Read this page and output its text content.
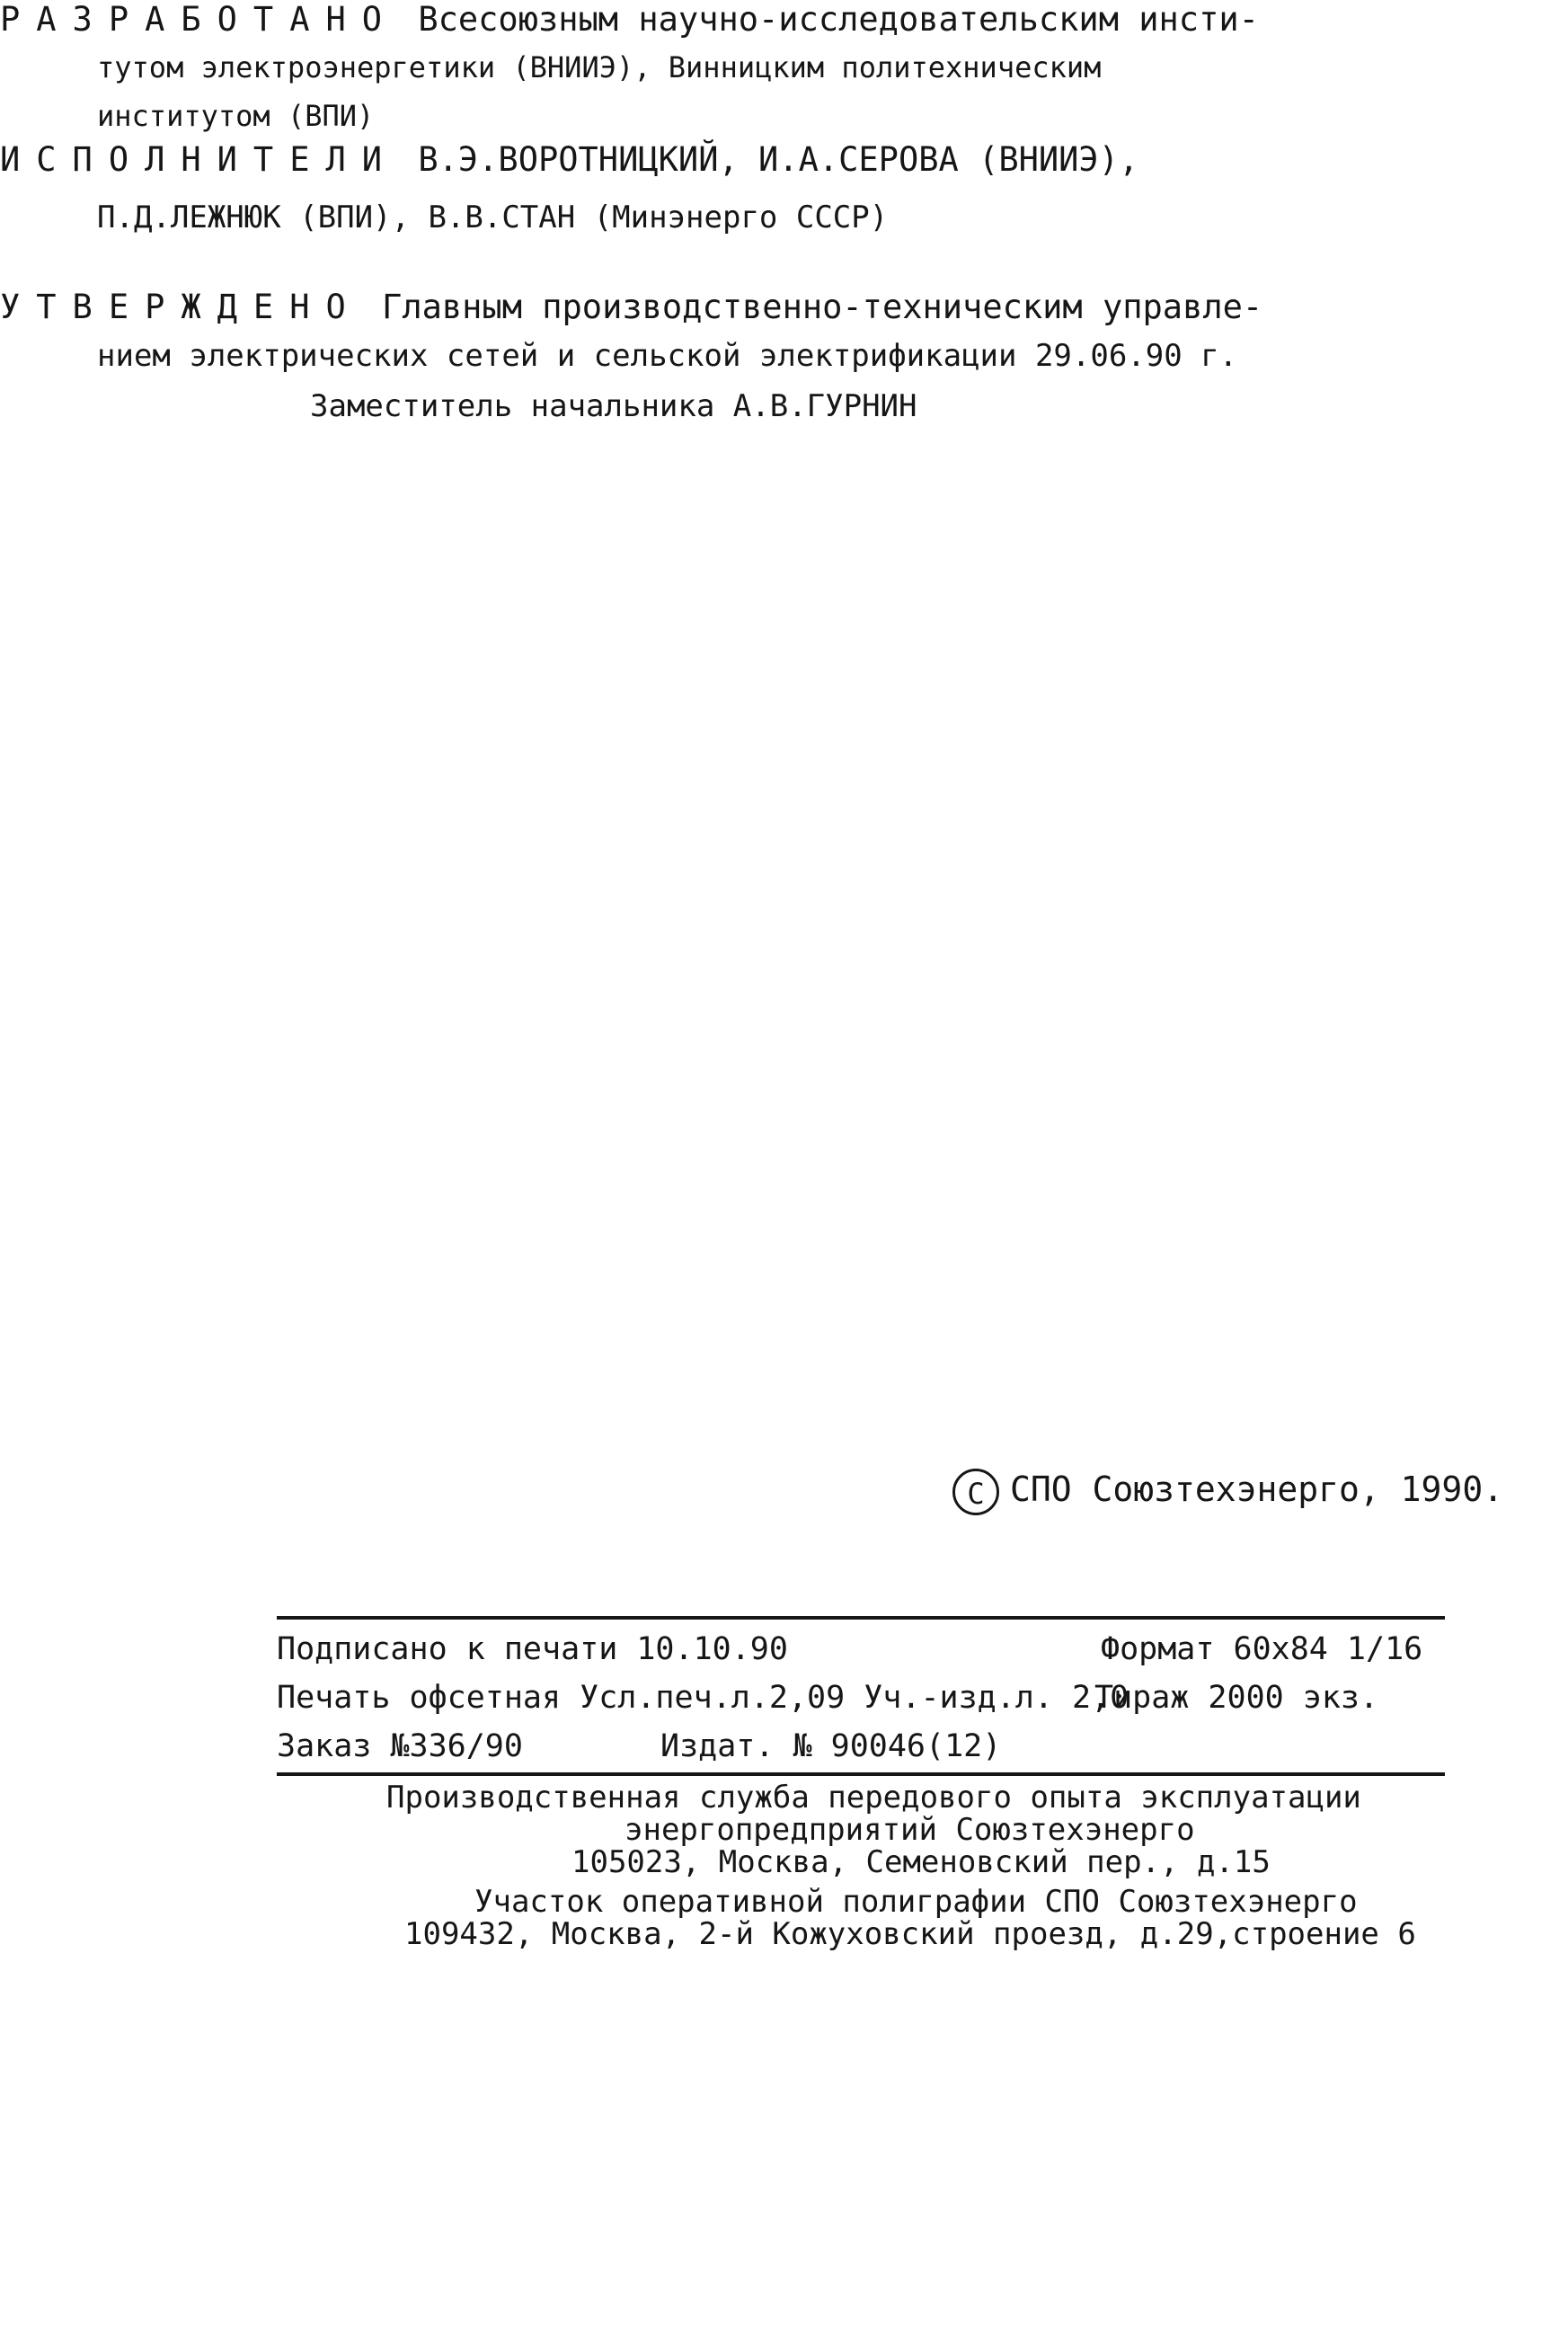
РАЗРАБОТАНО Всесоюзным научно-исследовательским инсти-
тутом электроэнергетики (ВНИИЭ), Винницким политехническим
институтом (ВПИ)
ИСПОЛНИТЕЛИ В.Э.ВОРОТНИЦКИЙ, И.А.СЕРОВА (ВНИИЭ),
П.Д.ЛЕЖНЮК (ВПИ), В.В.СТАН (Минэнерго СССР)
УТВЕРЖДЕНО Главным производственно-техническим управле-
нием электрических сетей и сельской электрификации 29.06.90 г.
Заместитель начальника А.В.ГУРНИН
C СПО Союзтехэнерго, 1990.
Подписано к печати 10.10.90	Формат 60x84 1/16
Печать офсетная Усл.печ.л.2,09 Уч.-изд.л. 2,0
Тираж 2000 экз.
Заказ №336/90	Издат. № 90046(12)
Производственная служба передового опыта эксплуатации
энергопредприятий Союзтехэнерго
105023, Москва, Семеновский пер., д.15
Участок оперативной полиграфии СПО Союзтехэнерго
109432, Москва, 2-й Кожуховский проезд, д.29,строение 6
